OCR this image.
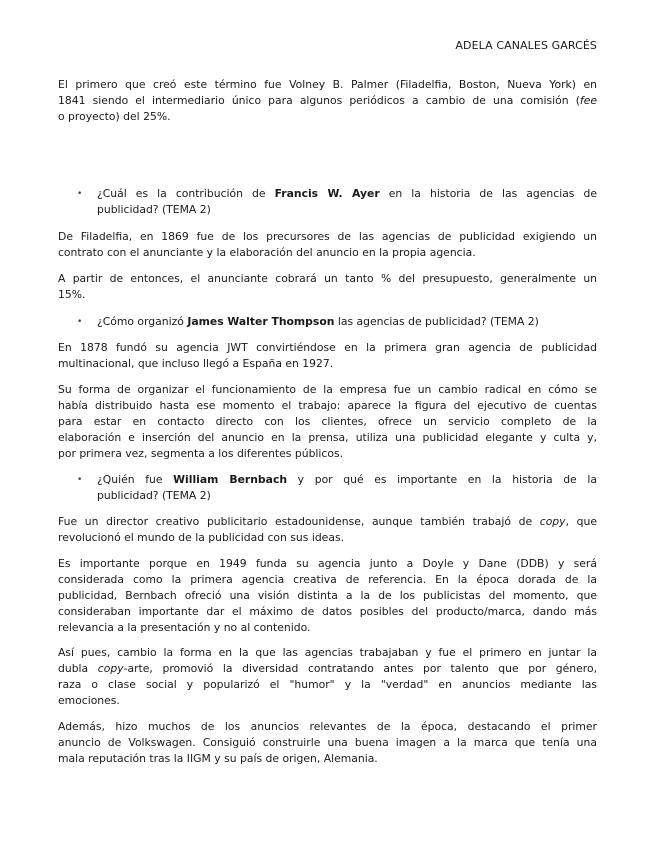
ADELA CANALES GARCÉS
El primero que creó este término fue Volney B. Palmer (Filadelfia, Boston, Nueva York) en
1841 siendo el intermediario único para algunos periódicos a cambio de una comisión (fee
o proyecto) del 25%.
• ¿Cuál es la contribución de Francis W. Ayer en la historia de las agencias de
publicidad? (TEMA 2)
De Filadelfia, en 1869 fue de los precursores de las agencias de publicidad exigiendo un
contrato con el anunciante y la elaboración del anuncio en la propia agencia.
A partir de entonces, el anunciante cobrará un tanto % del presupuesto, generalmente un
15%.
• ¿Cómo organizó James Walter Thompson las agencias de publicidad? (TEMA 2)
En 1878 fundó su agencia JWT convirtiéndose en la primera gran agencia de publicidad
multinacional, que incluso llegó a España en 1927.
Su forma de organizar el funcionamiento de la empresa fue un cambio radical en cómo se
había distribuido hasta ese momento el trabajo: aparece la figura del ejecutivo de cuentas
para estar en contacto directo con los clientes, ofrece un servicio completo de la
elaboración e inserción del anuncio en la prensa, utiliza una publicidad elegante y culta y,
por primera vez, segmenta a los diferentes públicos.
• ¿Quién fue William Bernbach y por qué es importante en la historia de la
publicidad? (TEMA 2)
Fue un director creativo publicitario estadounidense, aunque también trabajó de copy, que
revolucionó el mundo de la publicidad con sus ideas.
Es importante porque en 1949 funda su agencia junto a Doyle y Dane (DDB) y será
considerada como la primera agencia creativa de referencia. En la época dorada de la
publicidad, Bernbach ofreció una visión distinta a la de los publicistas del momento, que
consideraban importante dar el máximo de datos posibles del producto/marca, dando más
relevancia a la presentación y no al contenido.
Así pues, cambio la forma en la que las agencias trabajaban y fue el primero en juntar la
dubla copy-arte, promovió la diversidad contratando antes por talento que por género,
raza o clase social y popularizó el "humor" y la "verdad" en anuncios mediante las
emociones.
Además, hizo muchos de los anuncios relevantes de la época, destacando el primer
anuncio de Volkswagen. Consiguió construirle una buena imagen a la marca que tenía una
mala reputación tras la IIGM y su país de origen, Alemania.
